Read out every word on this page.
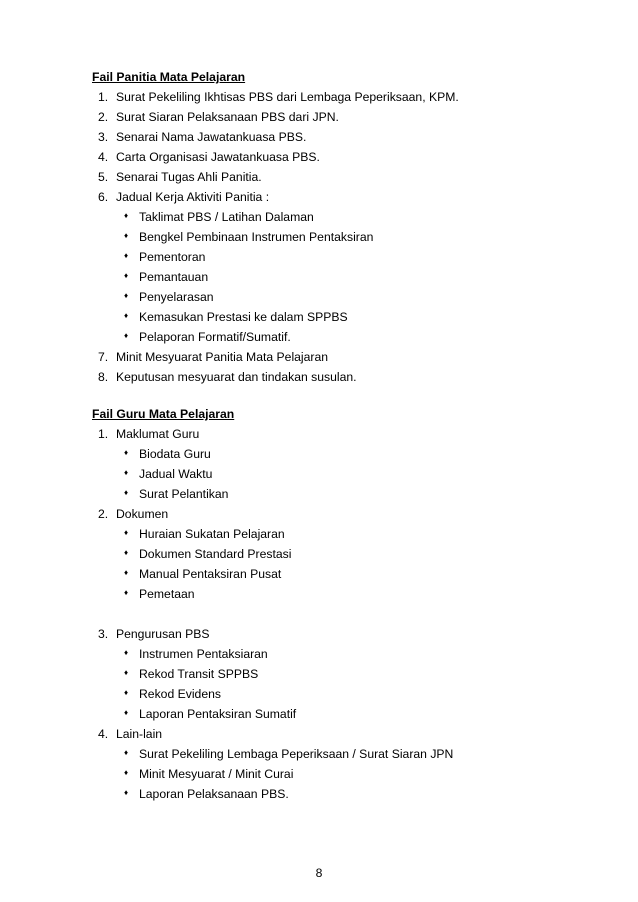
Fail Panitia Mata Pelajaran
1. Surat Pekeliling Ikhtisas PBS dari Lembaga Peperiksaan, KPM.
2. Surat Siaran Pelaksanaan PBS dari JPN.
3. Senarai Nama Jawatankuasa PBS.
4. Carta Organisasi Jawatankuasa PBS.
5. Senarai Tugas Ahli Panitia.
6. Jadual Kerja Aktiviti Panitia :
♦ Taklimat PBS / Latihan Dalaman
♦ Bengkel Pembinaan Instrumen Pentaksiran
♦ Pementoran
♦ Pemantauan
♦ Penyelarasan
♦ Kemasukan Prestasi ke dalam SPPBS
♦ Pelaporan Formatif/Sumatif.
7. Minit Mesyuarat Panitia Mata Pelajaran
8. Keputusan mesyuarat dan tindakan susulan.
Fail Guru Mata Pelajaran
1. Maklumat Guru
♦ Biodata Guru
♦ Jadual Waktu
♦ Surat Pelantikan
2. Dokumen
♦ Huraian Sukatan Pelajaran
♦ Dokumen Standard Prestasi
♦ Manual Pentaksiran Pusat
♦ Pemetaan
3. Pengurusan PBS
♦ Instrumen Pentaksiaran
♦ Rekod Transit SPPBS
♦ Rekod Evidens
♦ Laporan Pentaksiran Sumatif
4. Lain-lain
♦ Surat Pekeliling Lembaga Peperiksaan / Surat Siaran JPN
♦ Minit Mesyuarat / Minit Curai
♦ Laporan Pelaksanaan PBS.
8
